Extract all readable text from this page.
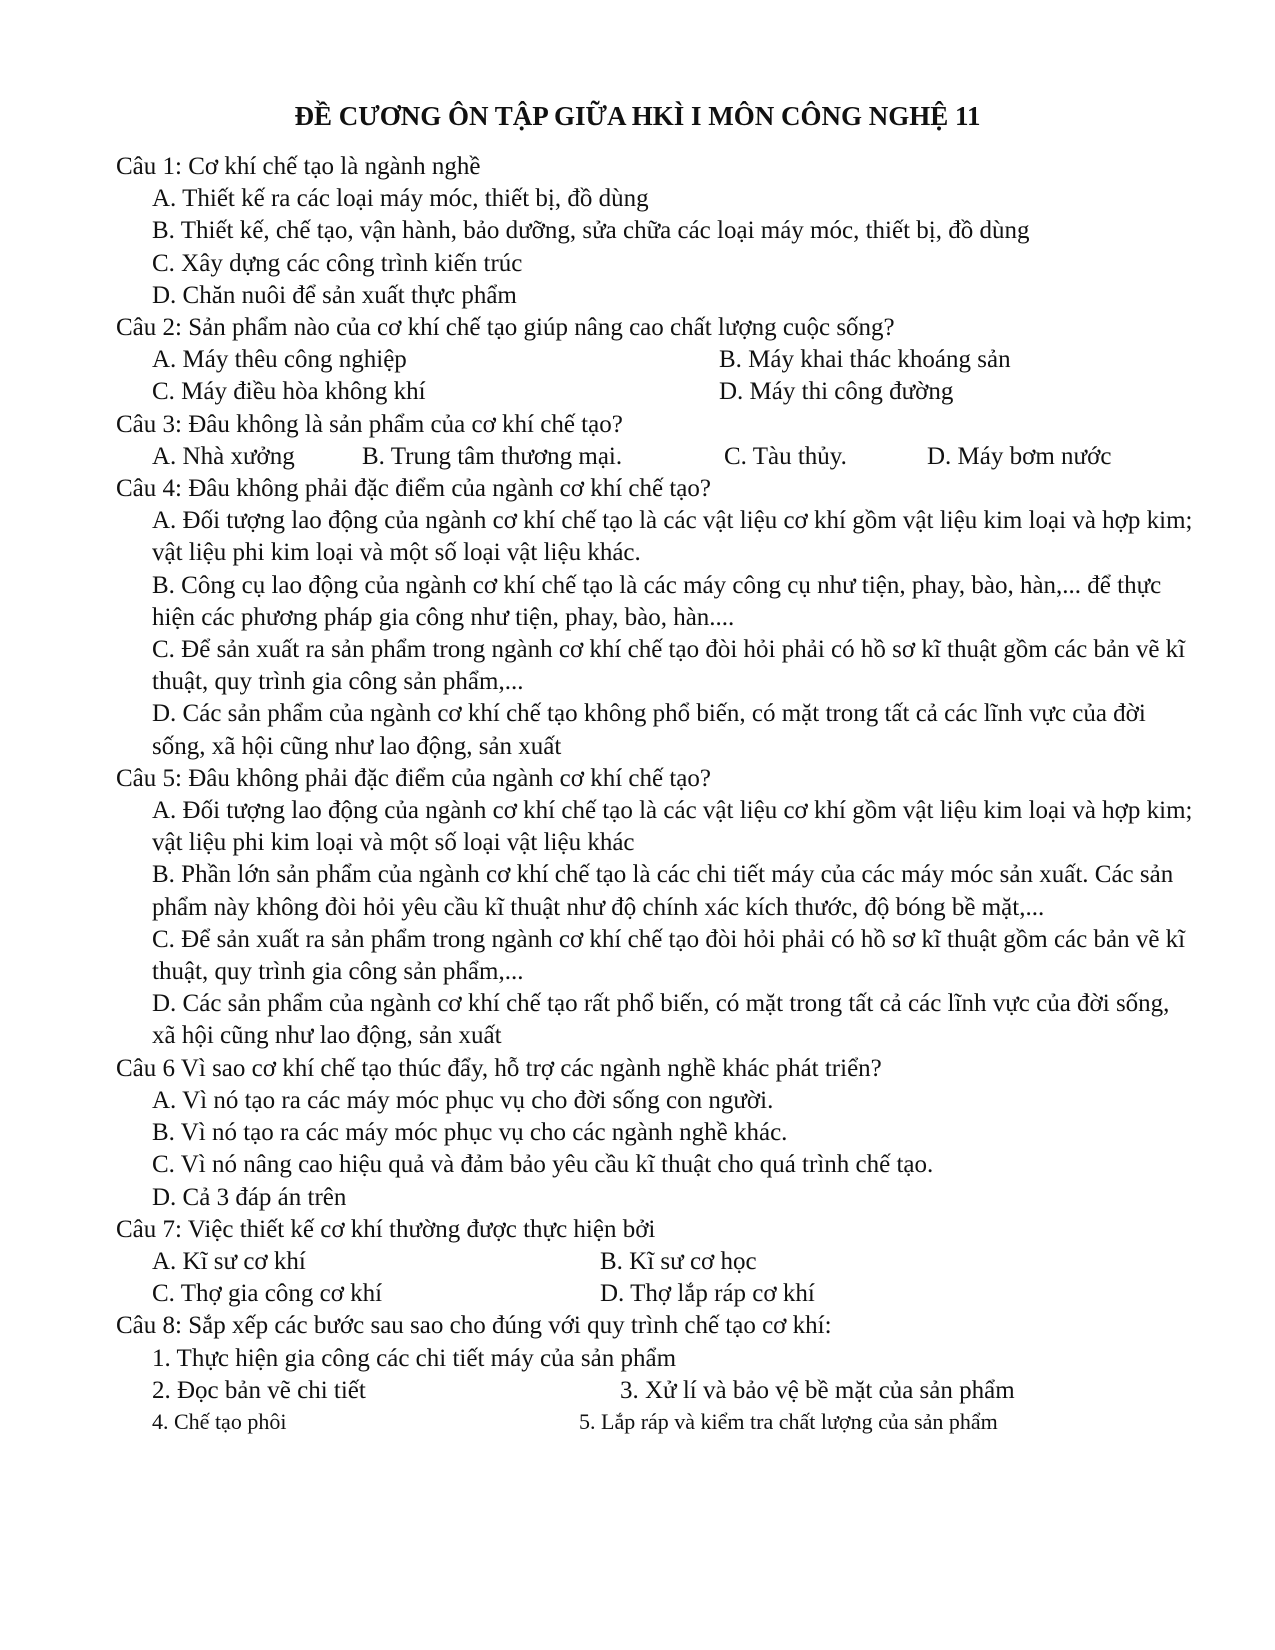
ĐỀ CƯƠNG ÔN TẬP GIỮA HKÌ I MÔN CÔNG NGHỆ 11
Câu 1: Cơ khí chế tạo là ngành nghề
A. Thiết kế ra các loại máy móc, thiết bị, đồ dùng
B. Thiết kế, chế tạo, vận hành, bảo dưỡng, sửa chữa các loại máy móc, thiết bị, đồ dùng
C. Xây dựng các công trình kiến trúc
D. Chăn nuôi để sản xuất thực phẩm
Câu 2: Sản phẩm nào của cơ khí chế tạo giúp nâng cao chất lượng cuộc sống?
A. Máy thêu công nghiệp	B. Máy khai thác khoáng sản
C. Máy điều hòa không khí	D. Máy thi công đường
Câu 3: Đâu không là sản phẩm của cơ khí chế tạo?
A. Nhà xưởng	B. Trung tâm thương mại.	C. Tàu thủy.	D. Máy bơm nước
Câu 4: Đâu không phải đặc điểm của ngành cơ khí chế tạo?
A. Đối tượng lao động của ngành cơ khí chế tạo là các vật liệu cơ khí gồm vật liệu kim loại và hợp kim; vật liệu phi kim loại và một số loại vật liệu khác.
B. Công cụ lao động của ngành cơ khí chế tạo là các máy công cụ như tiện, phay, bào, hàn,... để thực hiện các phương pháp gia công như tiện, phay, bào, hàn....
C. Để sản xuất ra sản phẩm trong ngành cơ khí chế tạo đòi hỏi phải có hồ sơ kĩ thuật gồm các bản vẽ kĩ thuật, quy trình gia công sản phẩm,...
D. Các sản phẩm của ngành cơ khí chế tạo không phổ biến, có mặt trong tất cả các lĩnh vực của đời sống, xã hội cũng như lao động, sản xuất
Câu 5: Đâu không phải đặc điểm của ngành cơ khí chế tạo?
A. Đối tượng lao động của ngành cơ khí chế tạo là các vật liệu cơ khí gồm vật liệu kim loại và hợp kim; vật liệu phi kim loại và một số loại vật liệu khác
B. Phần lớn sản phẩm của ngành cơ khí chế tạo là các chi tiết máy của các máy móc sản xuất. Các sản phẩm này không đòi hỏi yêu cầu kĩ thuật như độ chính xác kích thước, độ bóng bề mặt,...
C. Để sản xuất ra sản phẩm trong ngành cơ khí chế tạo đòi hỏi phải có hồ sơ kĩ thuật gồm các bản vẽ kĩ thuật, quy trình gia công sản phẩm,...
D. Các sản phẩm của ngành cơ khí chế tạo rất phổ biến, có mặt trong tất cả các lĩnh vực của đời sống, xã hội cũng như lao động, sản xuất
Câu 6 Vì sao cơ khí chế tạo thúc đẩy, hỗ trợ các ngành nghề khác phát triển?
A. Vì nó tạo ra các máy móc phục vụ cho đời sống con người.
B. Vì nó tạo ra các máy móc phục vụ cho các ngành nghề khác.
C. Vì nó nâng cao hiệu quả và đảm bảo yêu cầu kĩ thuật cho quá trình chế tạo.
D. Cả 3 đáp án trên
Câu 7: Việc thiết kế cơ khí thường được thực hiện bởi
A. Kĩ sư cơ khí	B. Kĩ sư cơ học
C. Thợ gia công cơ khí	D. Thợ lắp ráp cơ khí
Câu 8: Sắp xếp các bước sau sao cho đúng với quy trình chế tạo cơ khí:
1. Thực hiện gia công các chi tiết máy của sản phẩm
2. Đọc bản vẽ chi tiết	3. Xử lí và bảo vệ bề mặt của sản phẩm
4. Chế tạo phôi	5. Lắp ráp và kiểm tra chất lượng của sản phẩm
